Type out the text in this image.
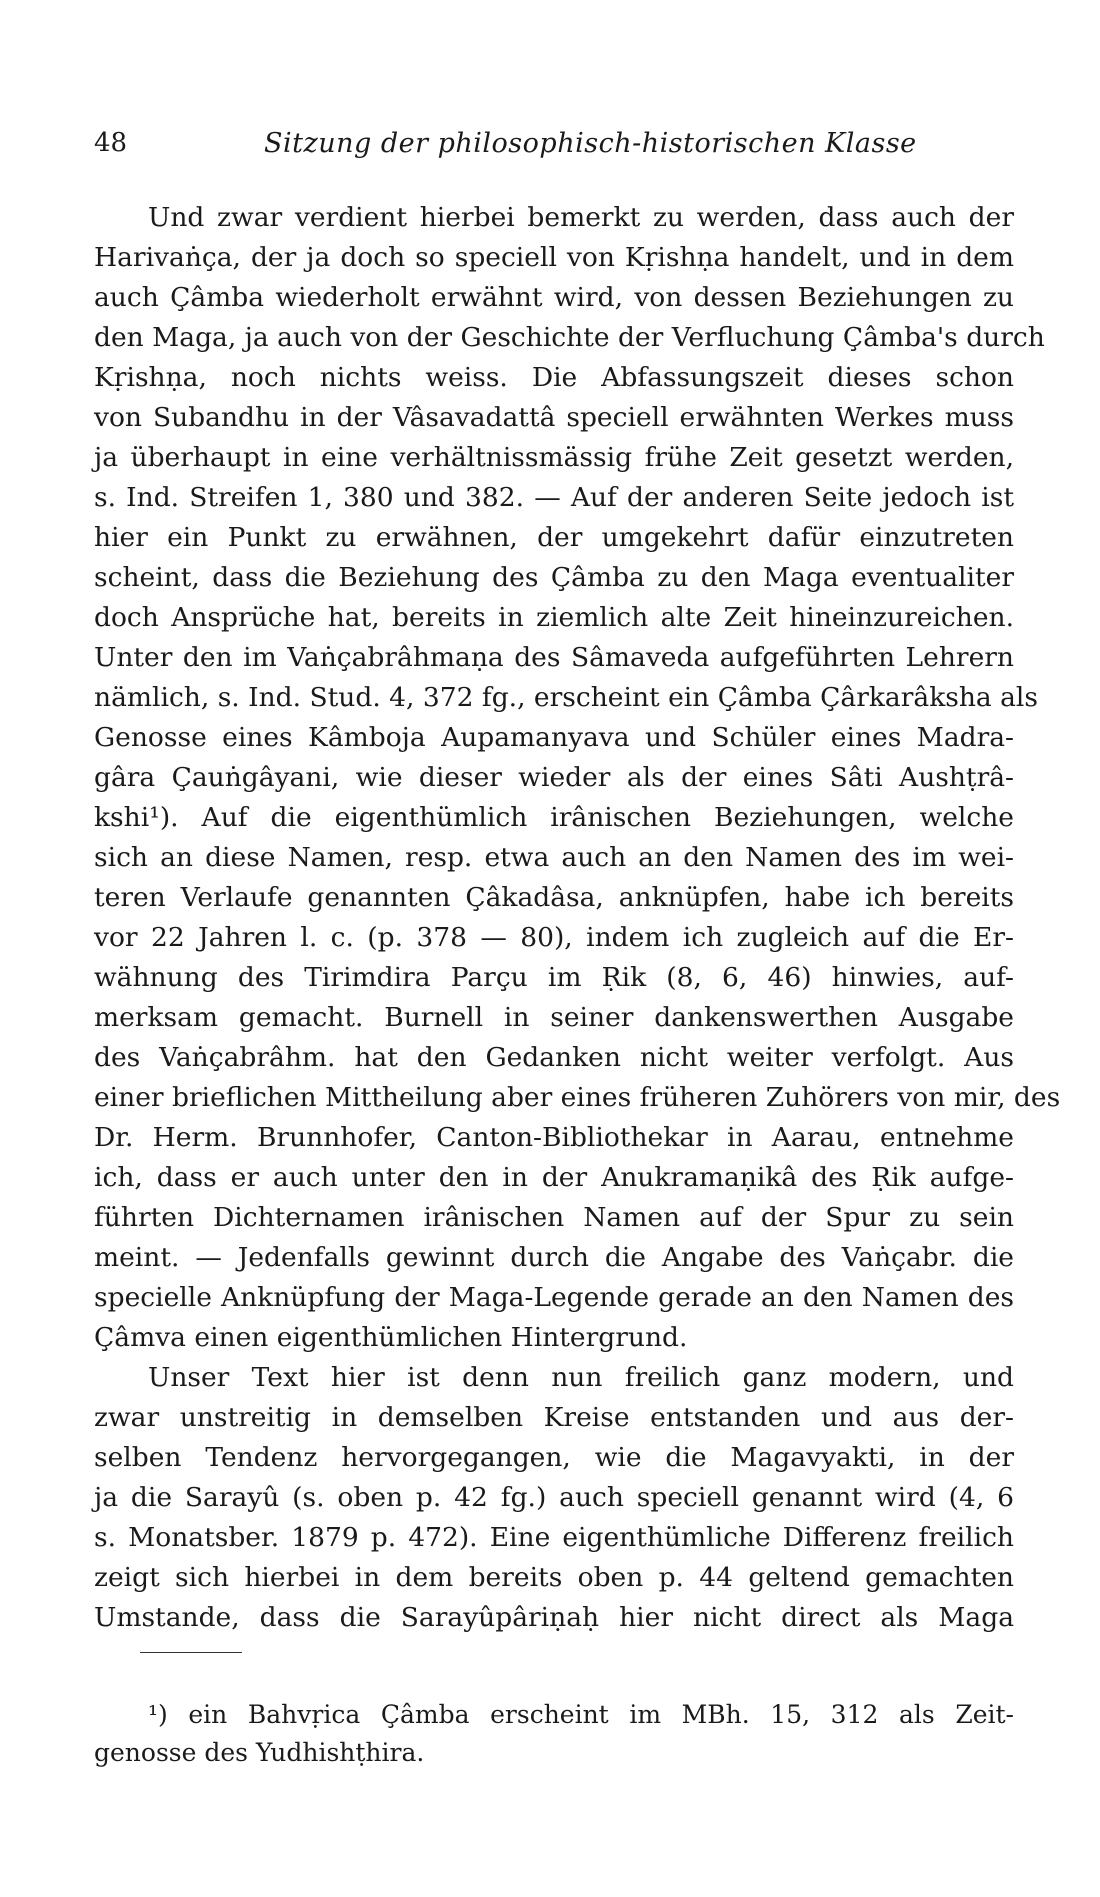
48	Sitzung der philosophisch-historischen Klasse
Und zwar verdient hierbei bemerkt zu werden, dass auch der
Harivaṅça, der ja doch so speciell von Kṛishṇa handelt, und in dem
auch Çâmba wiederholt erwähnt wird, von dessen Beziehungen zu
den Maga, ja auch von der Geschichte der Verfluchung Çâmba's durch
Kṛishṇa, noch nichts weiss. Die Abfassungszeit dieses schon
von Subandhu in der Vâsavadattâ speciell erwähnten Werkes muss
ja überhaupt in eine verhältnissmässig frühe Zeit gesetzt werden,
s. Ind. Streifen 1, 380 und 382. — Auf der anderen Seite jedoch ist
hier ein Punkt zu erwähnen, der umgekehrt dafür einzutreten
scheint, dass die Beziehung des Çâmba zu den Maga eventualiter
doch Ansprüche hat, bereits in ziemlich alte Zeit hineinzureichen.
Unter den im Vaṅçabrâhmaṇa des Sâmaveda aufgeführten Lehrern
nämlich, s. Ind. Stud. 4, 372 fg., erscheint ein Çâmba Çârkarâksha als
Genosse eines Kâmboja Aupamanyava und Schüler eines Madra-
gâra Çauṅgâyani, wie dieser wieder als der eines Sâti Aushṭrâ-
kshi¹). Auf die eigenthümlich irânischen Beziehungen, welche
sich an diese Namen, resp. etwa auch an den Namen des im wei-
teren Verlaufe genannten Çâkadâsa, anknüpfen, habe ich bereits
vor 22 Jahren l. c. (p. 378 — 80), indem ich zugleich auf die Er-
wähnung des Tirimdira Parçu im Ṛik (8, 6, 46) hinwies, auf-
merksam gemacht. Burnell in seiner dankenswerthen Ausgabe
des Vaṅçabrâhm. hat den Gedanken nicht weiter verfolgt. Aus
einer brieflichen Mittheilung aber eines früheren Zuhörers von mir, des
Dr. Herm. Brunnhofer, Canton-Bibliothekar in Aarau, entnehme
ich, dass er auch unter den in der Anukramaṇikâ des Ṛik aufge-
führten Dichternamen irânischen Namen auf der Spur zu sein
meint. — Jedenfalls gewinnt durch die Angabe des Vaṅçabr. die
specielle Anknüpfung der Maga-Legende gerade an den Namen des
Çâmva einen eigenthümlichen Hintergrund.
Unser Text hier ist denn nun freilich ganz modern, und
zwar unstreitig in demselben Kreise entstanden und aus der-
selben Tendenz hervorgegangen, wie die Magavyakti, in der
ja die Sarayû (s. oben p. 42 fg.) auch speciell genannt wird (4, 6
s. Monatsber. 1879 p. 472). Eine eigenthümliche Differenz freilich
zeigt sich hierbei in dem bereits oben p. 44 geltend gemachten
Umstande, dass die Sarayûpâriṇaḥ hier nicht direct als Maga
¹) ein Bahvṛica Çâmba erscheint im MBh. 15, 312 als Zeit-
genosse des Yudhishṭhira.
